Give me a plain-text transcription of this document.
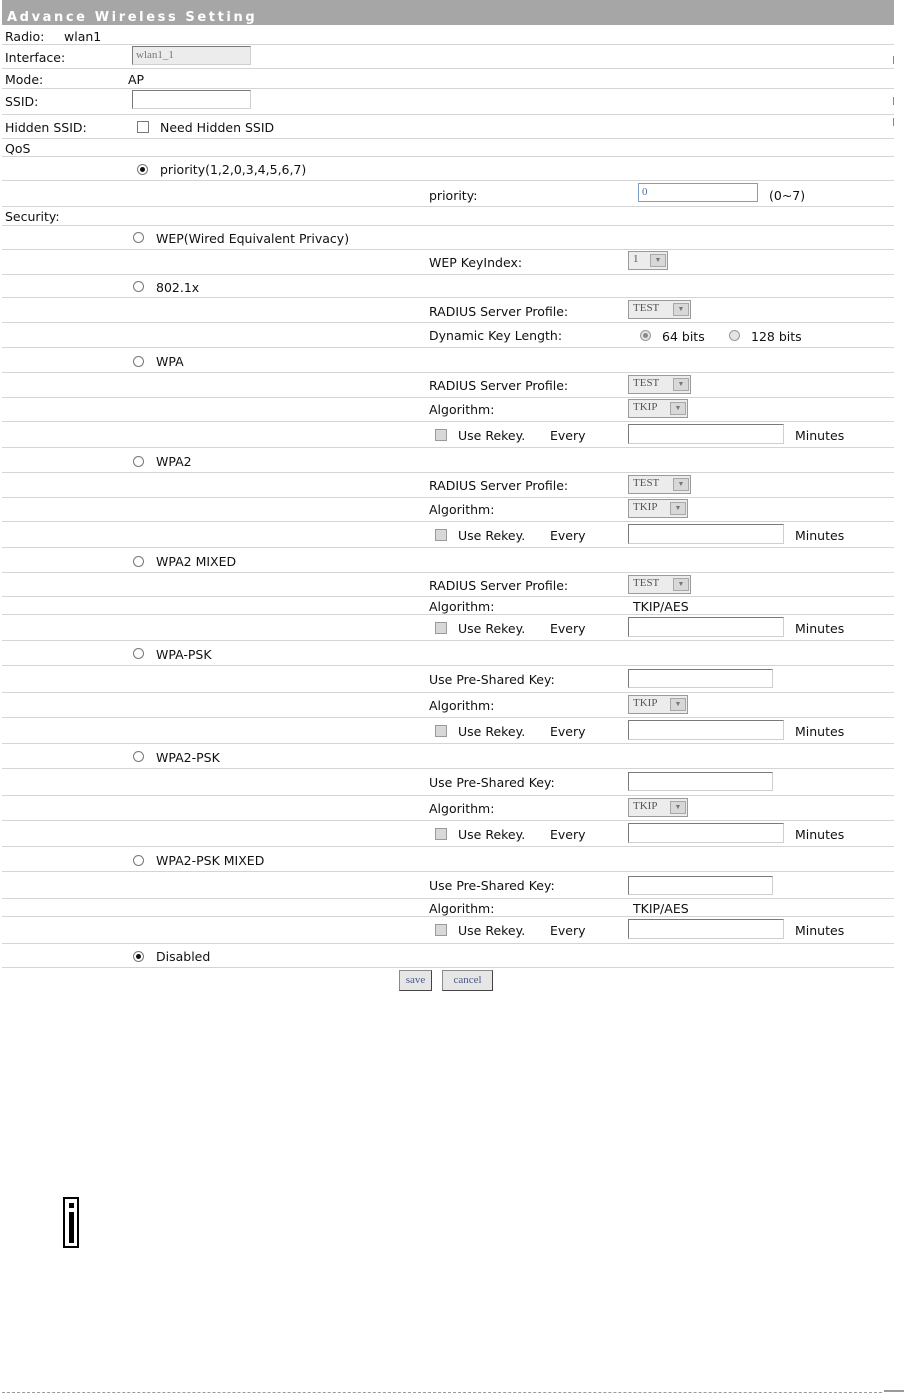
Advance Wireless Setting
Radio: wlan1
Interface:	wlan1_1
Mode:	AP
SSID:
Hidden SSID:	Need Hidden SSID
QoS
priority(1,2,0,3,4,5,6,7)
priority:	0	(0~7)
Security:
WEP(Wired Equivalent Privacy)
WEP KeyIndex:	1	▼
802.1x
RADIUS Server Profile:	TEST	▼
Dynamic Key Length:	64 bits	128 bits
WPA
RADIUS Server Profile:	TEST	▼
Algorithm:	TKIP	▼
Use Rekey. Every	Minutes
WPA2
RADIUS Server Profile:	TEST	▼
Algorithm:	TKIP	▼
Use Rekey. Every	Minutes
WPA2 MIXED
RADIUS Server Profile:	TEST	▼
Algorithm:	TKIP/AES
Use Rekey. Every	Minutes
WPA-PSK
Use Pre-Shared Key:
Algorithm:	TKIP	▼
Use Rekey. Every	Minutes
WPA2-PSK
Use Pre-Shared Key:
Algorithm:	TKIP	▼
Use Rekey. Every	Minutes
WPA2-PSK MIXED
Use Pre-Shared Key:
Algorithm:	TKIP/AES
Use Rekey. Every	Minutes
Disabled
save	cancel
